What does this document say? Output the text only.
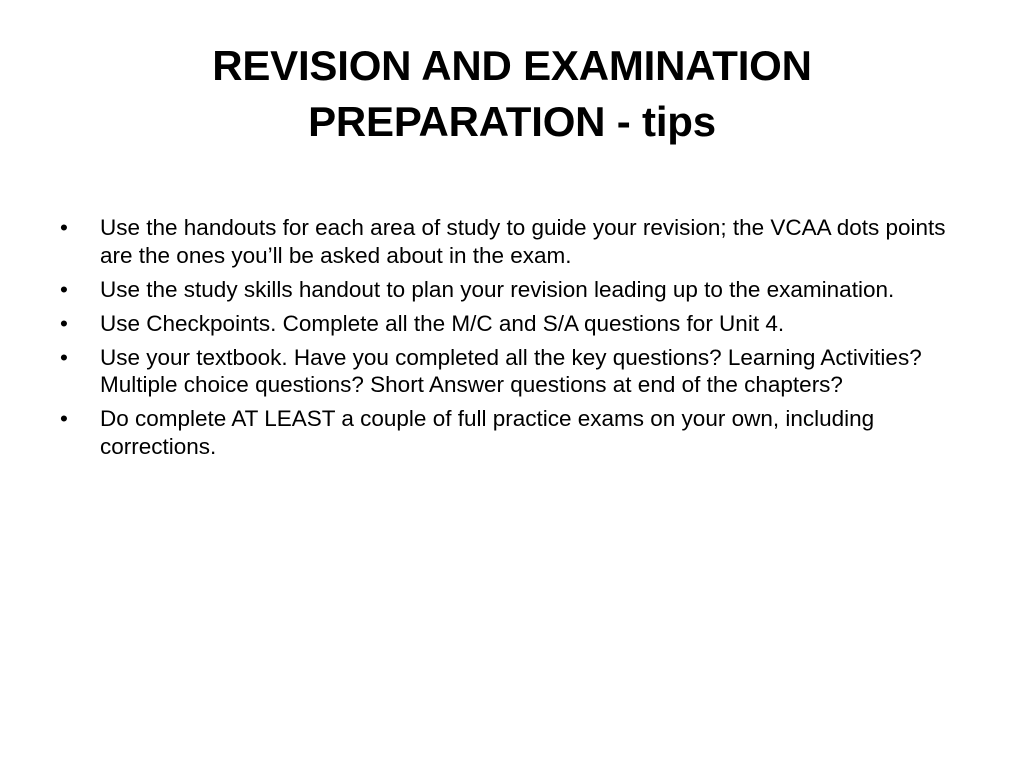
REVISION AND EXAMINATION
PREPARATION - tips
• Use the handouts for each area of study to guide your revision; the VCAA dots points are the ones you’ll be asked about in the exam.
• Use the study skills handout to plan your revision leading up to the examination.
• Use Checkpoints. Complete all the M/C and S/A questions for Unit 4.
• Use your textbook. Have you completed all the key questions? Learning Activities? Multiple choice questions? Short Answer questions at end of the chapters?
• Do complete AT LEAST a couple of full practice exams on your own, including corrections.
